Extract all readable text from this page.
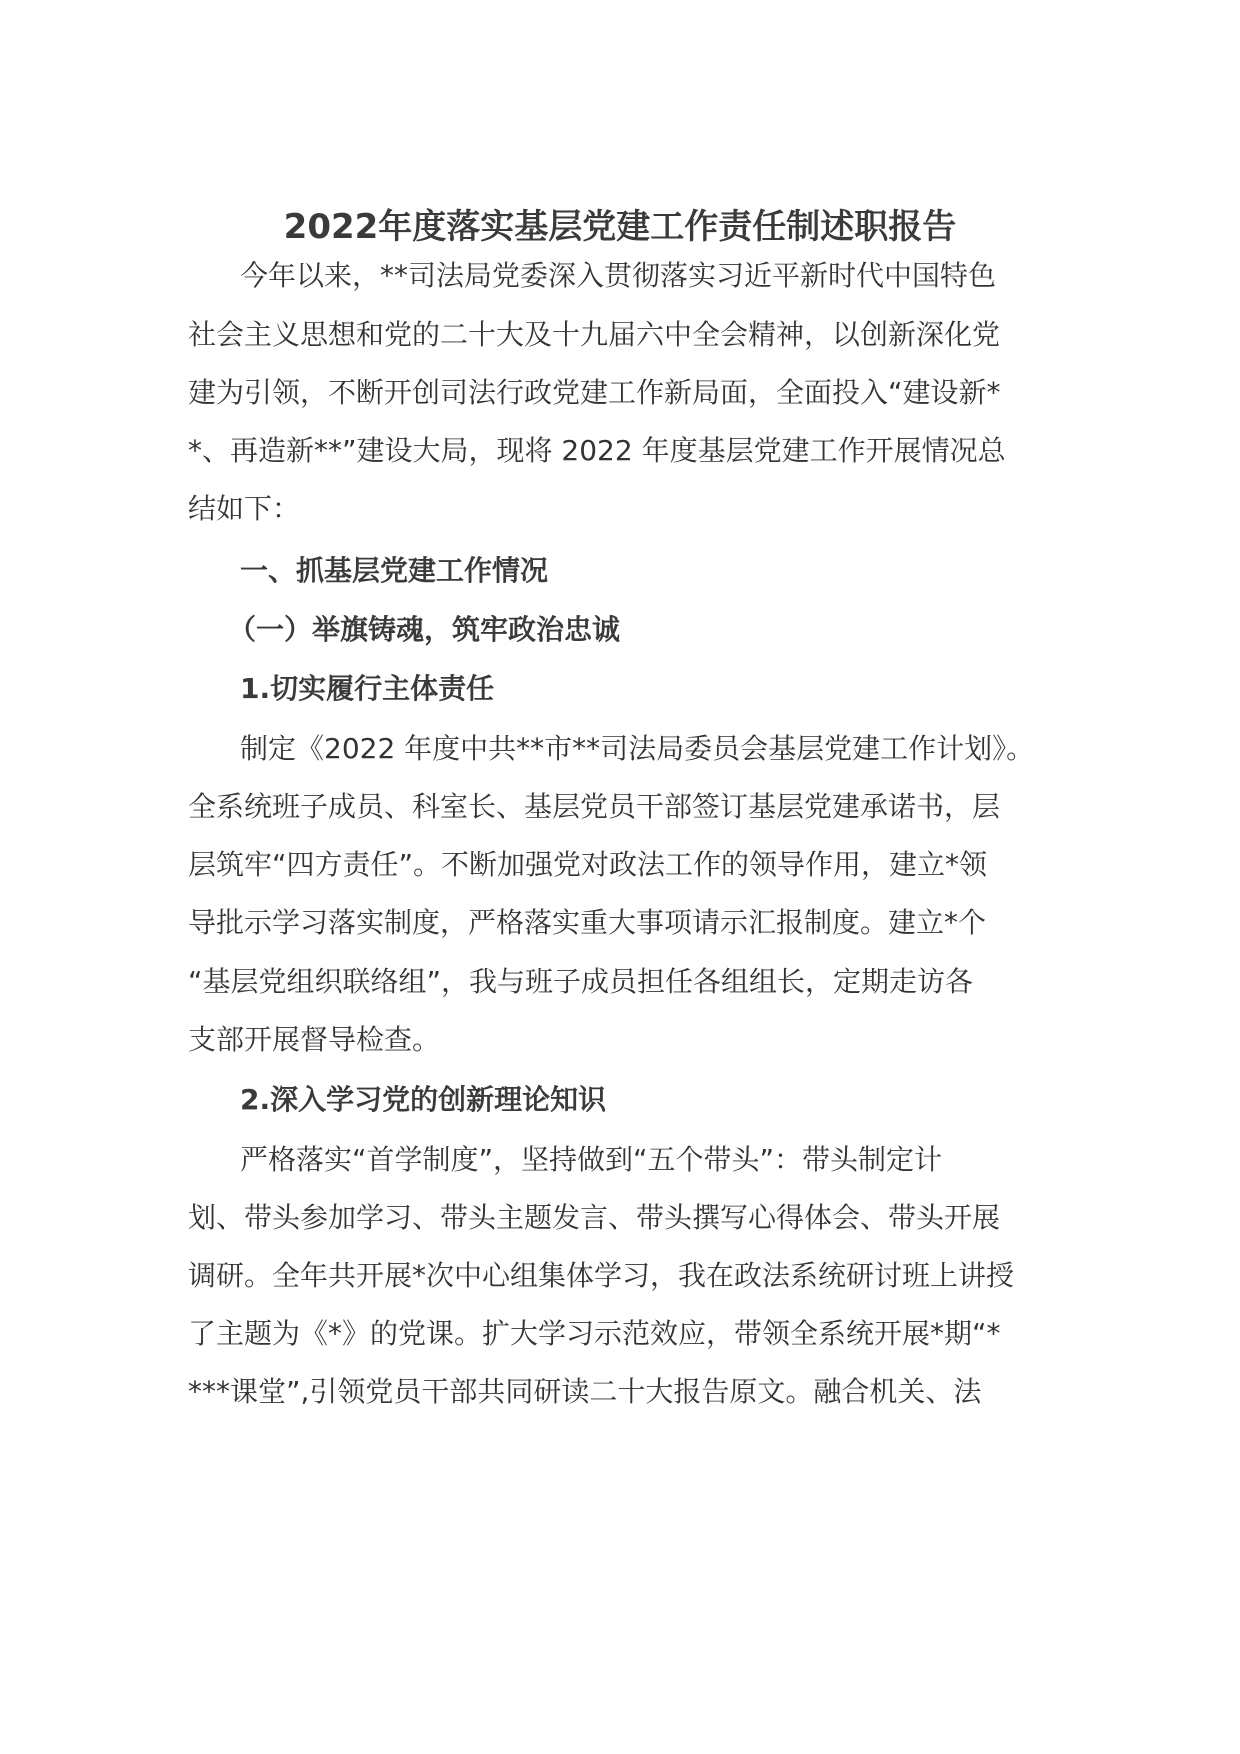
2022年度落实基层党建工作责任制述职报告
今年以来，**司法局党委深入贯彻落实习近平新时代中国特色
社会主义思想和党的二十大及十九届六中全会精神，以创新深化党
建为引领，不断开创司法行政党建工作新局面，全面投入“建设新*
*、再造新**”建设大局，现将 2022 年度基层党建工作开展情况总
结如下：
一、抓基层党建工作情况
（一）举旗铸魂，筑牢政治忠诚
1.切实履行主体责任
制定《2022 年度中共**市**司法局委员会基层党建工作计划》。
全系统班子成员、科室长、基层党员干部签订基层党建承诺书，层
层筑牢“四方责任”。不断加强党对政法工作的领导作用，建立*领
导批示学习落实制度，严格落实重大事项请示汇报制度。建立*个
“基层党组织联络组”，我与班子成员担任各组组长，定期走访各
支部开展督导检查。
2.深入学习党的创新理论知识
严格落实“首学制度”，坚持做到“五个带头”：带头制定计
划、带头参加学习、带头主题发言、带头撰写心得体会、带头开展
调研。全年共开展*次中心组集体学习，我在政法系统研讨班上讲授
了主题为《*》的党课。扩大学习示范效应，带领全系统开展*期“*
***课堂”,引领党员干部共同研读二十大报告原文。融合机关、法
